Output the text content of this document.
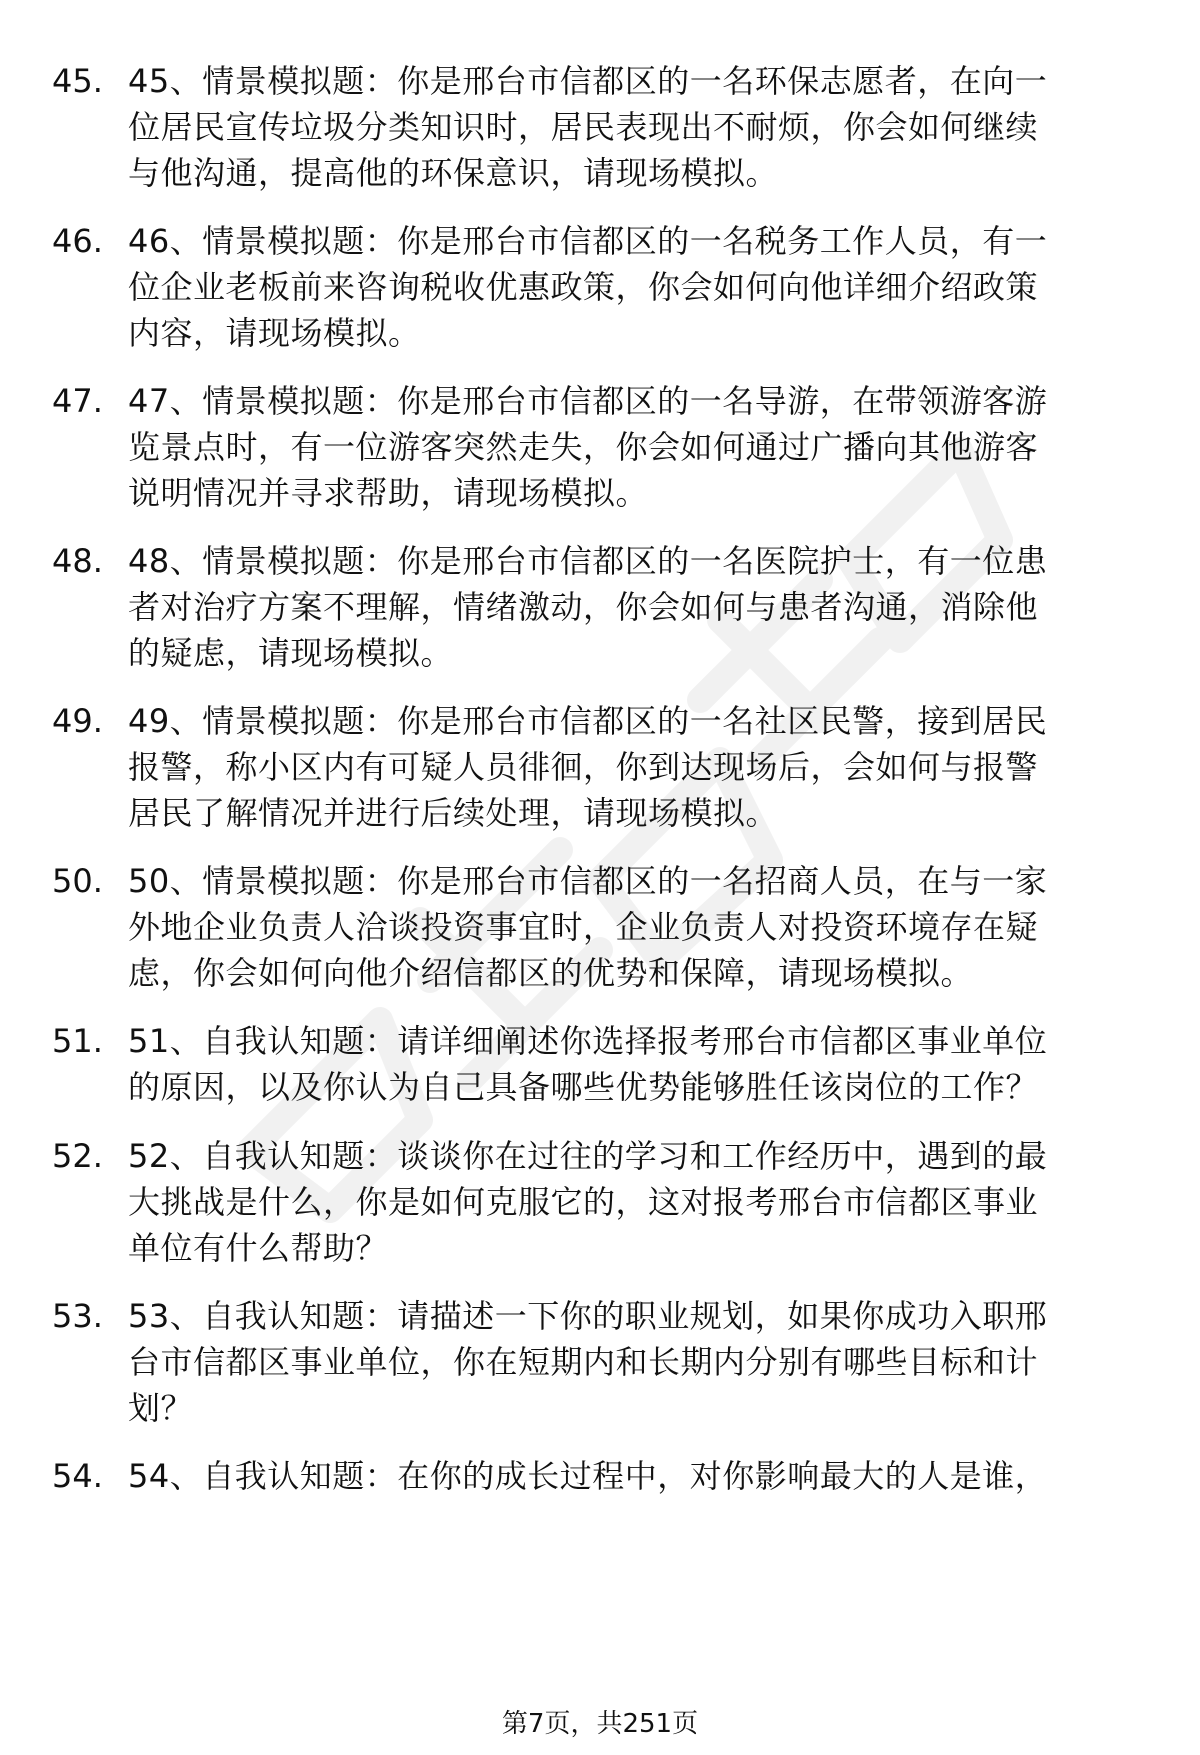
45. 45、情景模拟题：你是邢台市信都区的一名环保志愿者，在向一
位居民宣传垃圾分类知识时，居民表现出不耐烦，你会如何继续
与他沟通，提高他的环保意识，请现场模拟。
46. 46、情景模拟题：你是邢台市信都区的一名税务工作人员，有一
位企业老板前来咨询税收优惠政策，你会如何向他详细介绍政策
内容，请现场模拟。
47. 47、情景模拟题：你是邢台市信都区的一名导游，在带领游客游
览景点时，有一位游客突然走失，你会如何通过广播向其他游客
说明情况并寻求帮助，请现场模拟。
48. 48、情景模拟题：你是邢台市信都区的一名医院护士，有一位患
者对治疗方案不理解，情绪激动，你会如何与患者沟通，消除他
的疑虑，请现场模拟。
49. 49、情景模拟题：你是邢台市信都区的一名社区民警，接到居民
报警，称小区内有可疑人员徘徊，你到达现场后，会如何与报警
居民了解情况并进行后续处理，请现场模拟。
50. 50、情景模拟题：你是邢台市信都区的一名招商人员，在与一家
外地企业负责人洽谈投资事宜时，企业负责人对投资环境存在疑
虑，你会如何向他介绍信都区的优势和保障，请现场模拟。
51. 51、自我认知题：请详细阐述你选择报考邢台市信都区事业单位
的原因，以及你认为自己具备哪些优势能够胜任该岗位的工作？
52. 52、自我认知题：谈谈你在过往的学习和工作经历中，遇到的最
大挑战是什么，你是如何克服它的，这对报考邢台市信都区事业
单位有什么帮助？
53. 53、自我认知题：请描述一下你的职业规划，如果你成功入职邢
台市信都区事业单位，你在短期内和长期内分别有哪些目标和计
划？
54. 54、自我认知题：在你的成长过程中，对你影响最大的人是谁，
第7页，共251页
